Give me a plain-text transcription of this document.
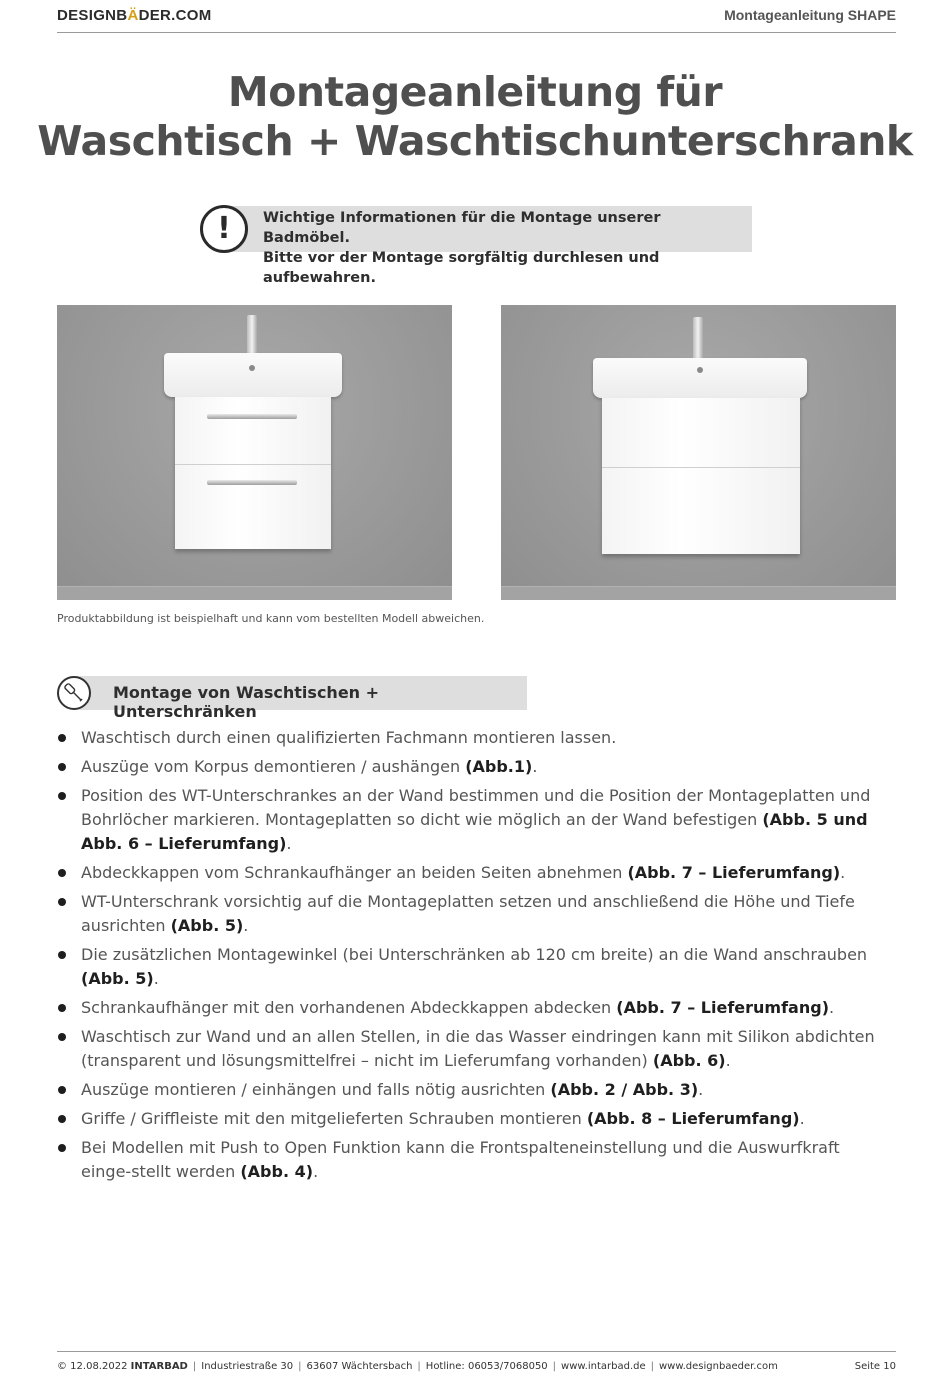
DESIGNBÄDER.COM	Montageanleitung SHAPE
Montageanleitung für
Waschtisch + Waschtischunterschrank
!	Wichtige Informationen für die Montage unserer Badmöbel.
Bitte vor der Montage sorgfältig durchlesen und aufbewahren.
Produktabbildung ist beispielhaft und kann vom bestellten Modell abweichen.
Montage von Waschtischen + Unterschränken
Waschtisch durch einen qualifizierten Fachmann montieren lassen.
Auszüge vom Korpus demontieren / aushängen (Abb.1).
Position des WT-Unterschrankes an der Wand bestimmen und die Position der Montageplatten und Bohrlöcher markieren. Montageplatten so dicht wie möglich an der Wand befestigen (Abb. 5 und Abb. 6 – Lieferumfang).
Abdeckkappen vom Schrankaufhänger an beiden Seiten abnehmen (Abb. 7 – Lieferumfang).
WT-Unterschrank vorsichtig auf die Montageplatten setzen und anschließend die Höhe und Tiefe ausrichten (Abb. 5).
Die zusätzlichen Montagewinkel (bei Unterschränken ab 120 cm breite) an die Wand anschrauben (Abb. 5).
Schrankaufhänger mit den vorhandenen Abdeckkappen abdecken (Abb. 7 – Lieferumfang).
Waschtisch zur Wand und an allen Stellen, in die das Wasser eindringen kann mit Silikon abdichten (transparent und lösungsmittelfrei – nicht im Lieferumfang vorhanden) (Abb. 6).
Auszüge montieren / einhängen und falls nötig ausrichten (Abb. 2 / Abb. 3).
Griffe / Griffleiste mit den mitgelieferten Schrauben montieren (Abb. 8 – Lieferumfang).
Bei Modellen mit Push to Open Funktion kann die Frontspalteneinstellung und die Auswurfkraft einge-stellt werden (Abb. 4).
© 12.08.2022 INTARBAD | Industriestraße 30 | 63607 Wächtersbach | Hotline: 06053/7068050 | www.intarbad.de | www.designbaeder.com	Seite 10
